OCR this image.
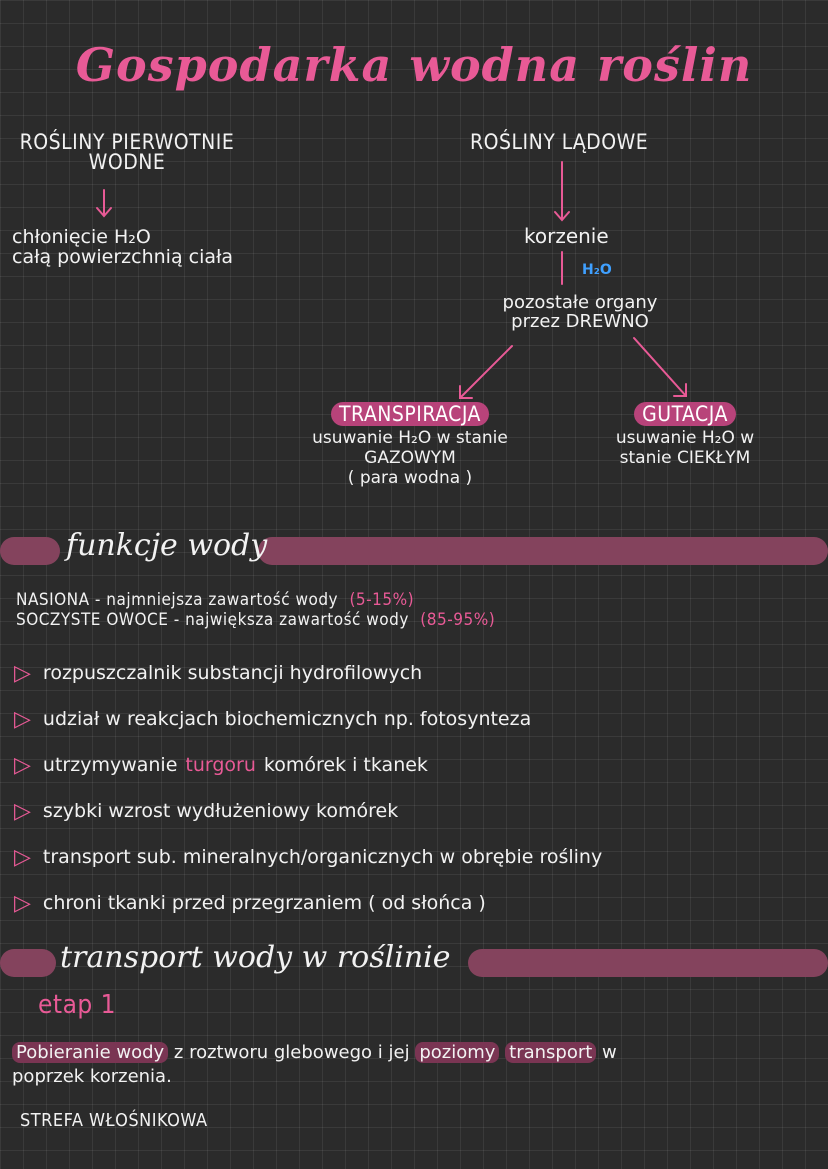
Gospodarka wodna roślin
ROŚLINY PIERWOTNIE
WODNE
chłonięcie H₂O
całą powierzchnią ciała
ROŚLINY LĄDOWE
korzenie
H₂O
pozostałe organy
przez DREWNO
TRANSPIRACJA
usuwanie H₂O w stanie
GAZOWYM
( para wodna )
GUTACJA
usuwanie H₂O w
stanie CIEKŁYM
funkcje wody
NASIONA - najmniejsza zawartość wody (5-15%)
SOCZYSTE OWOCE - największa zawartość wody (85-95%)
▷ rozpuszczalnik substancji hydrofilowych
▷ udział w reakcjach biochemicznych np. fotosynteza
▷ utrzymywanie turgoru komórek i tkanek
▷ szybki wzrost wydłużeniowy komórek
▷ transport sub. mineralnych/organicznych w obrębie rośliny
▷ chroni tkanki przed przegrzaniem ( od słońca )
transport wody w roślinie
etap 1
Pobieranie wody z roztworu glebowego i jej poziomy transport w
poprzek korzenia.
STREFA WŁOŚNIKOWA
